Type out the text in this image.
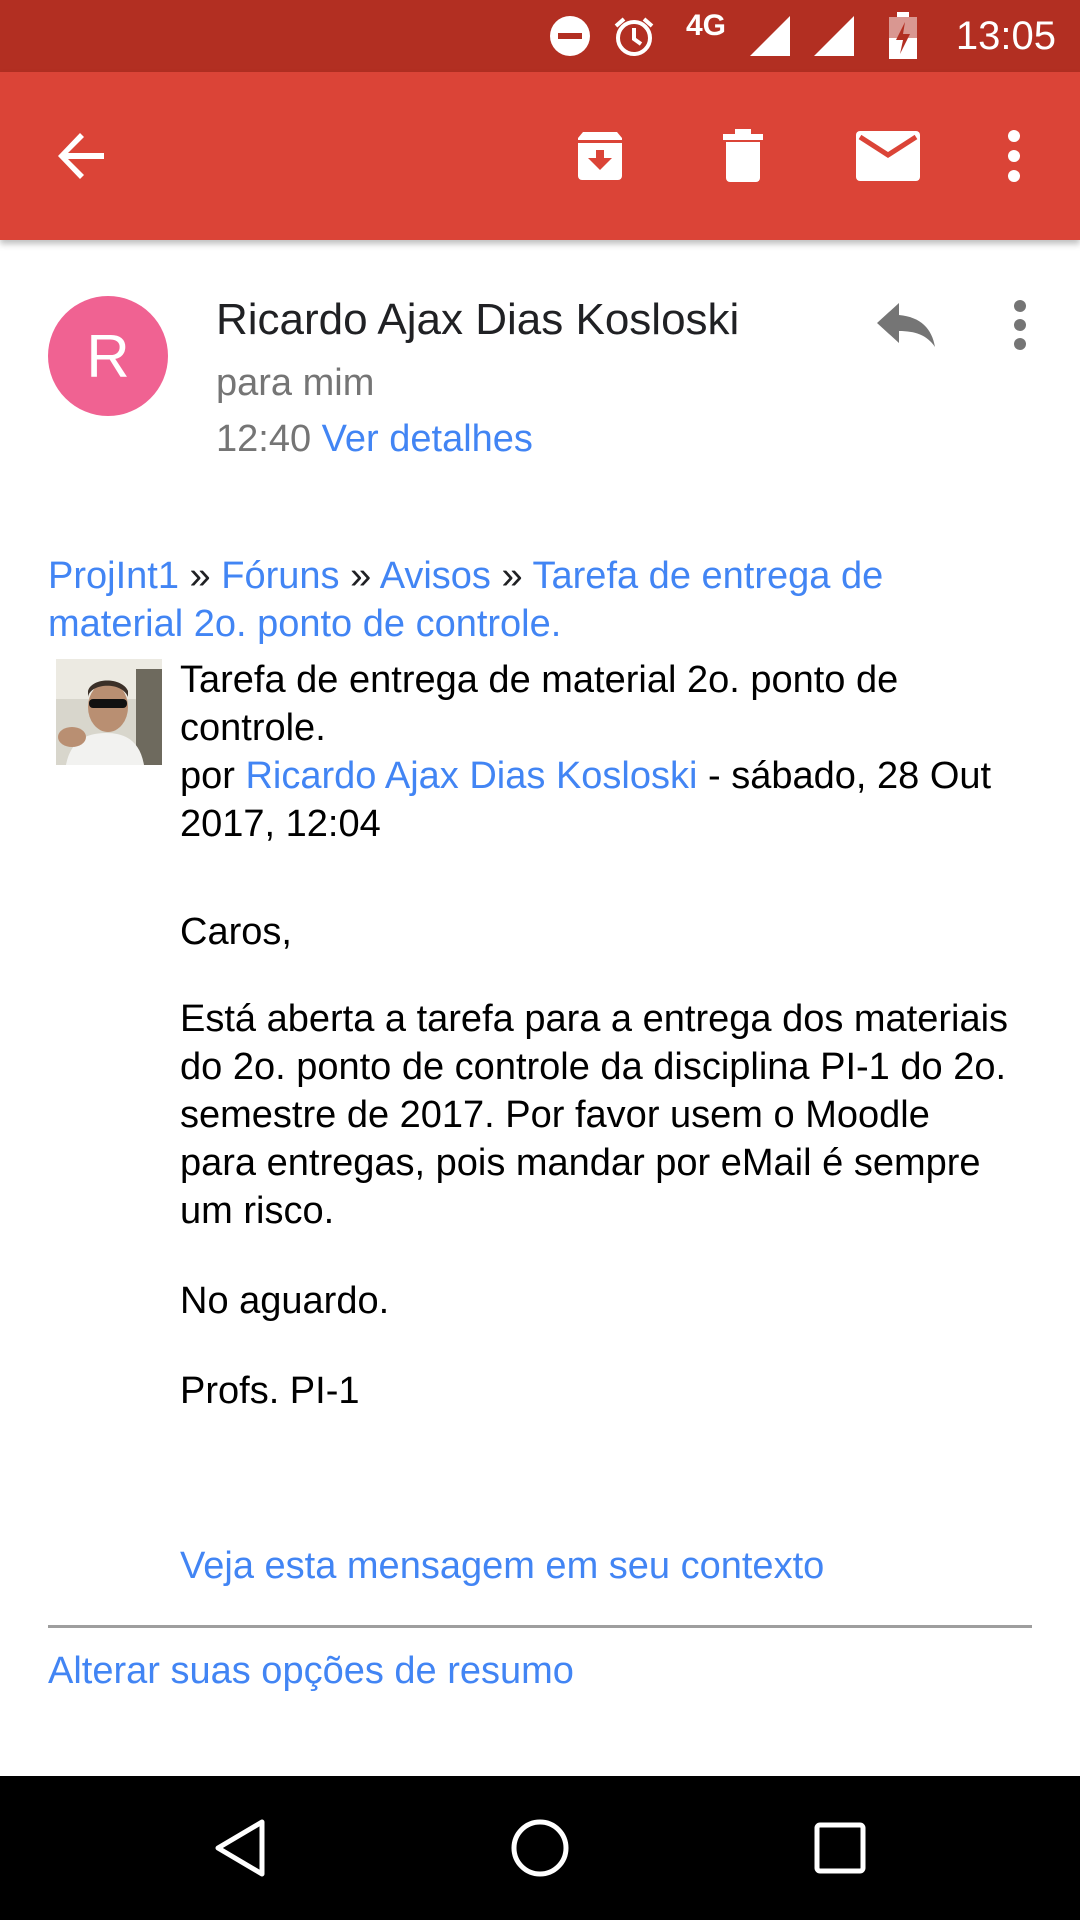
4G	13:05
R
Ricardo Ajax Dias Kosloski
para mim
12:40 Ver detalhes
ProjInt1 » Fóruns » Avisos » Tarefa de entrega de material 2o. ponto de controle.
Tarefa de entrega de material 2o. ponto de controle.
por Ricardo Ajax Dias Kosloski - sábado, 28 Out 2017, 12:04
Caros,
Está aberta a tarefa para a entrega dos materiais do 2o. ponto de controle da disciplina PI-1 do 2o. semestre de 2017. Por favor usem o Moodle para entregas, pois mandar por eMail é sempre um risco.
No aguardo.
Profs. PI-1
Veja esta mensagem em seu contexto
Alterar suas opções de resumo
